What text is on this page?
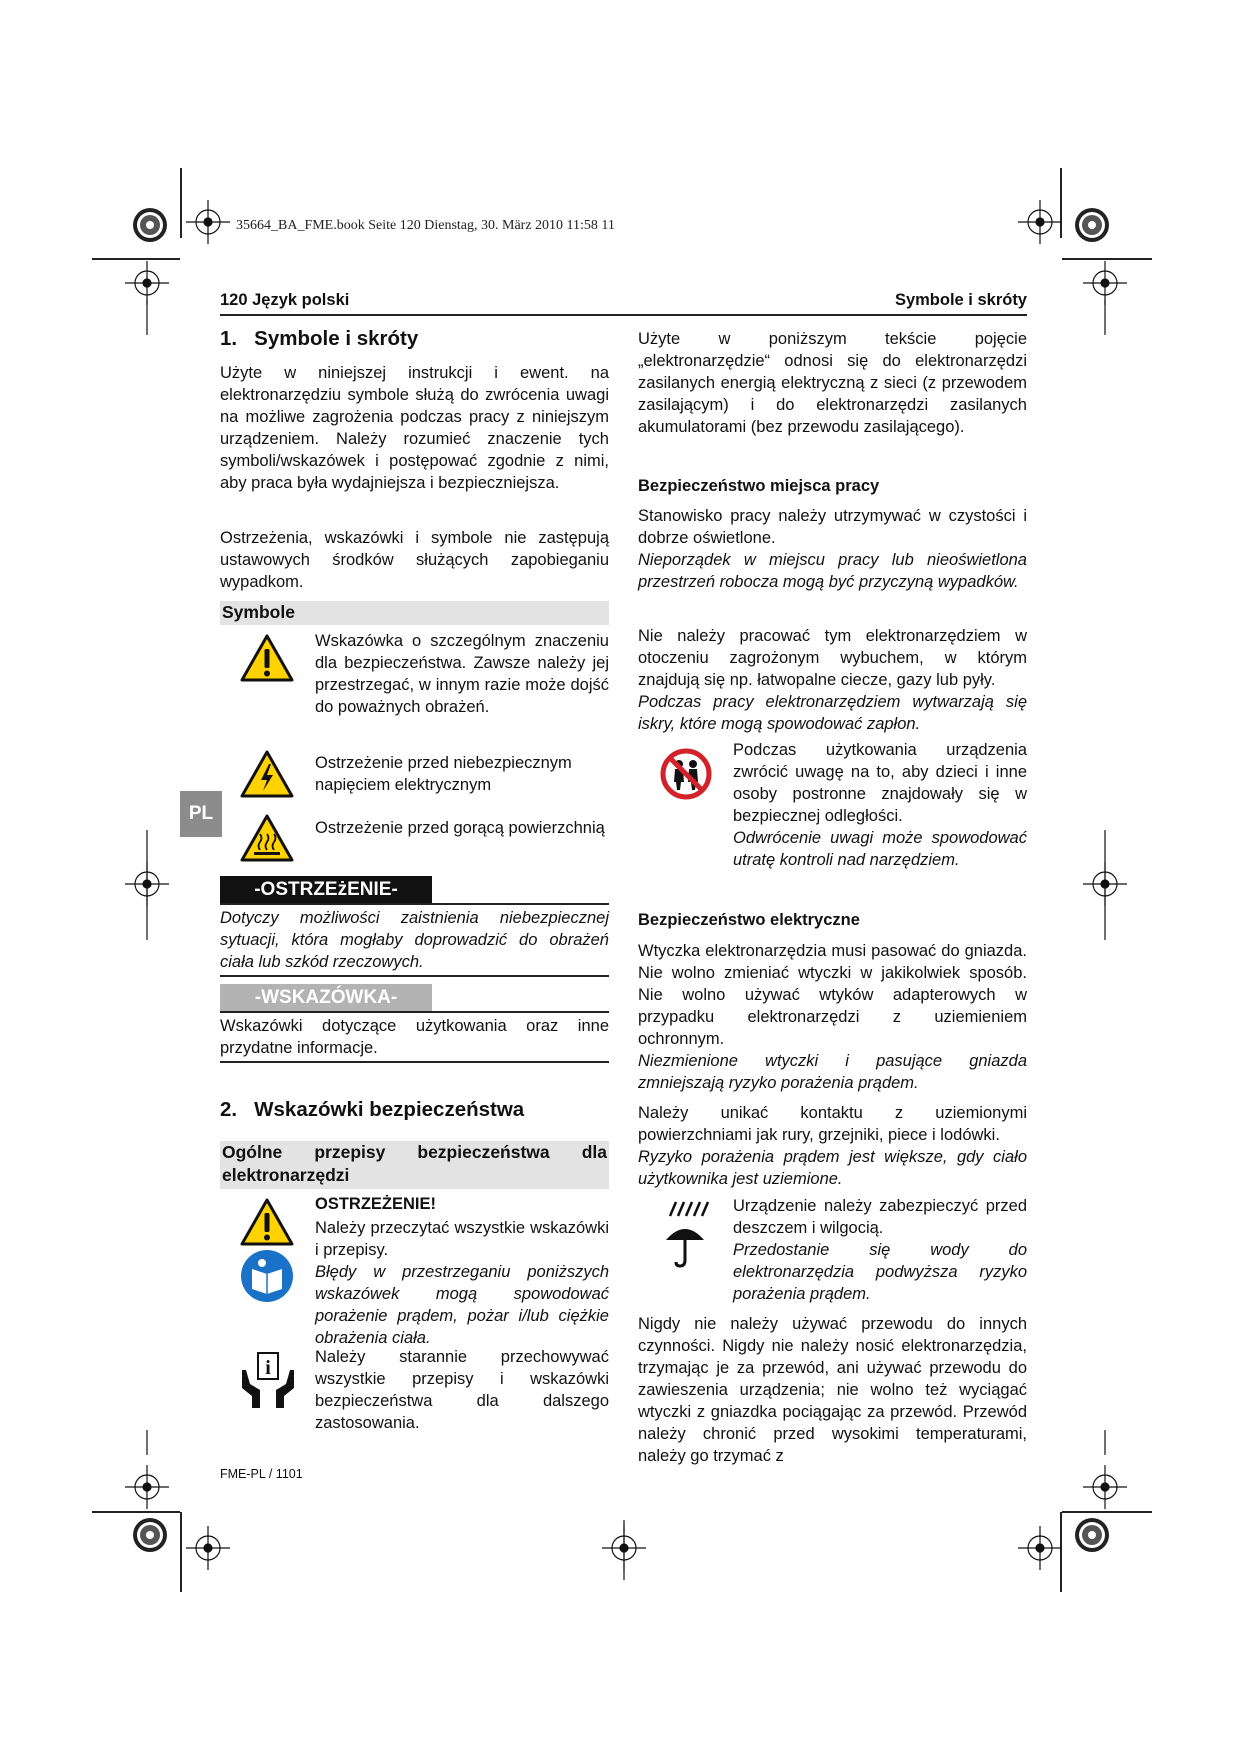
35664_BA_FME.book Seite 120 Dienstag, 30. März 2010 11:58 11
120 Język polski	Symbole i skróty
PL
1.   Symbole i skróty
Użyte w niniejszej instrukcji i ewent. na elektronarzędziu symbole służą do zwrócenia uwagi na możliwe zagrożenia podczas pracy z niniejszym urządzeniem. Należy rozumieć znaczenie tych symboli/wskazówek i postępować zgodnie z nimi, aby praca była wydajniejsza i bezpieczniejsza.
Ostrzeżenia, wskazówki i symbole nie zastępują ustawowych środków służących zapobieganiu wypadkom.
Symbole
Wskazówka o szczególnym znaczeniu dla bezpieczeństwa. Zawsze należy jej przestrzegać, w innym razie może dojść do poważnych obrażeń.
Ostrzeżenie przed niebezpiecznym napięciem elektrycznym
Ostrzeżenie przed gorącą powierzchnią
-OSTRZEżENIE-
Dotyczy możliwości zaistnienia niebezpiecznej sytuacji, która mogłaby doprowadzić do obrażeń ciała lub szkód rzeczowych.
-WSKAZÓWKA-
Wskazówki dotyczące użytkowania oraz inne przydatne informacje.
2.   Wskazówki bezpieczeństwa
Ogólne przepisy bezpieczeństwa dla elektronarzędzi
i
OSTRZEŻENIE!
Należy przeczytać wszystkie wskazówki i przepisy.
Błędy w przestrzeganiu poniższych wskazówek mogą spowodować porażenie prądem, pożar i/lub ciężkie obrażenia ciała.
Należy starannie przechowywać wszystkie przepisy i wskazówki bezpieczeństwa dla dalszego zastosowania.
Użyte w poniższym tekście pojęcie „elektronarzędzie“ odnosi się do elektronarzędzi zasilanych energią elektryczną z sieci (z przewodem zasilającym) i do elektronarzędzi zasilanych akumulatorami (bez przewodu zasilającego).
Bezpieczeństwo miejsca pracy
Stanowisko pracy należy utrzymywać w czystości i dobrze oświetlone.
Nieporządek w miejscu pracy lub nieoświetlona przestrzeń robocza mogą być przyczyną wypadków.
Nie należy pracować tym elektronarzędziem w otoczeniu zagrożonym wybuchem, w którym znajdują się np. łatwopalne ciecze, gazy lub pyły.
Podczas pracy elektronarzędziem wytwarzają się iskry, które mogą spowodować zapłon.
Podczas użytkowania urządzenia zwrócić uwagę na to, aby dzieci i inne osoby postronne znajdowały się w bezpiecznej odległości.
Odwrócenie uwagi może spowodować utratę kontroli nad narzędziem.
Bezpieczeństwo elektryczne
Wtyczka elektronarzędzia musi pasować do gniazda. Nie wolno zmieniać wtyczki w jakikolwiek sposób. Nie wolno używać wtyków adapterowych w przypadku elektronarzędzi z uziemieniem ochronnym.
Niezmienione wtyczki i pasujące gniazda zmniejszają ryzyko porażenia prądem.
Należy unikać kontaktu z uziemionymi powierzchniami jak rury, grzejniki, piece i lodówki.
Ryzyko porażenia prądem jest większe, gdy ciało użytkownika jest uziemione.
Urządzenie należy zabezpieczyć przed deszczem i wilgocią.
Przedostanie się wody do elektronarzędzia podwyższa ryzyko porażenia prądem.
Nigdy nie należy używać przewodu do innych czynności. Nigdy nie należy nosić elektronarzędzia, trzymając je za przewód, ani używać przewodu do zawieszenia urządzenia; nie wolno też wyciągać wtyczki z gniazdka pociągając za przewód. Przewód należy chronić przed wysokimi temperaturami, należy go trzymać z
FME-PL / 1101
